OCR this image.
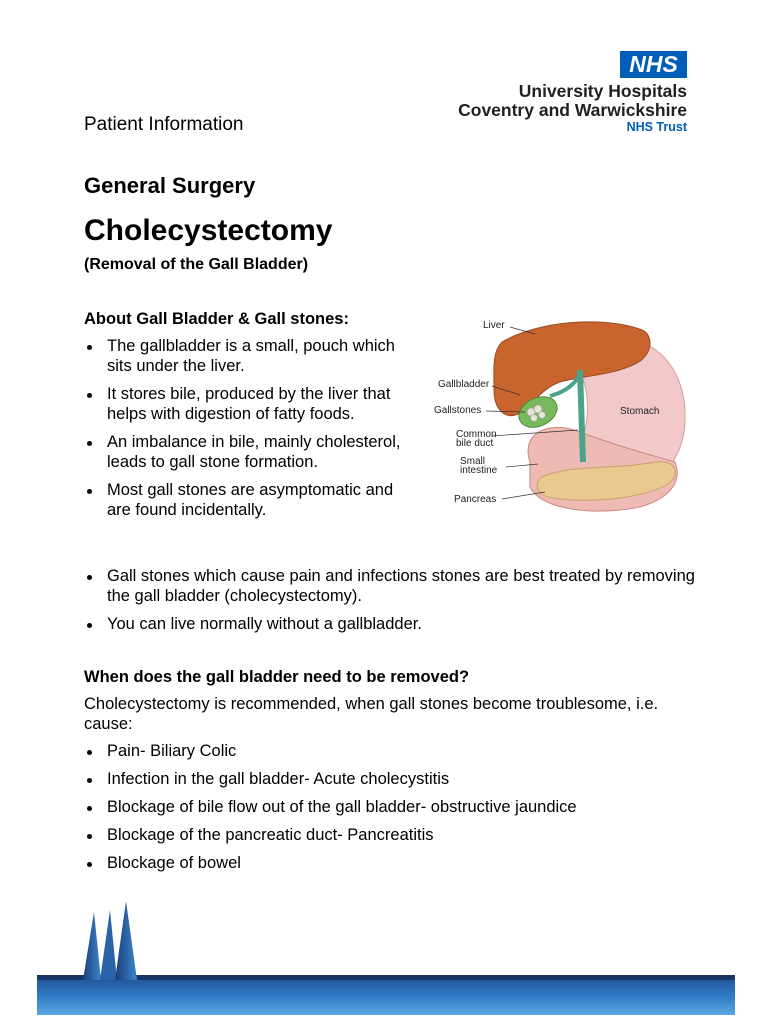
NHS
University Hospitals
Coventry and Warwickshire
NHS Trust
Patient Information
General Surgery
Cholecystectomy
(Removal of the Gall Bladder)
About Gall Bladder & Gall stones:
The gallbladder is a small, pouch which sits under the liver.
It stores bile, produced by the liver that helps with digestion of fatty foods.
An imbalance in bile, mainly cholesterol, leads to gall stone formation.
Most gall stones are asymptomatic and are found incidentally.
Gall stones which cause pain and infections stones are best treated by removing the gall bladder (cholecystectomy).
You can live normally without a gallbladder.
Liver
Gallbladder
Gallstones	Stomach
Common
bile duct
Small
intestine
Pancreas
When does the gall bladder need to be removed?
Cholecystectomy is recommended, when gall stones become troublesome, i.e. cause:
Pain- Biliary Colic
Infection in the gall bladder- Acute cholecystitis
Blockage of bile flow out of the gall bladder- obstructive jaundice
Blockage of the pancreatic duct- Pancreatitis
Blockage of bowel
